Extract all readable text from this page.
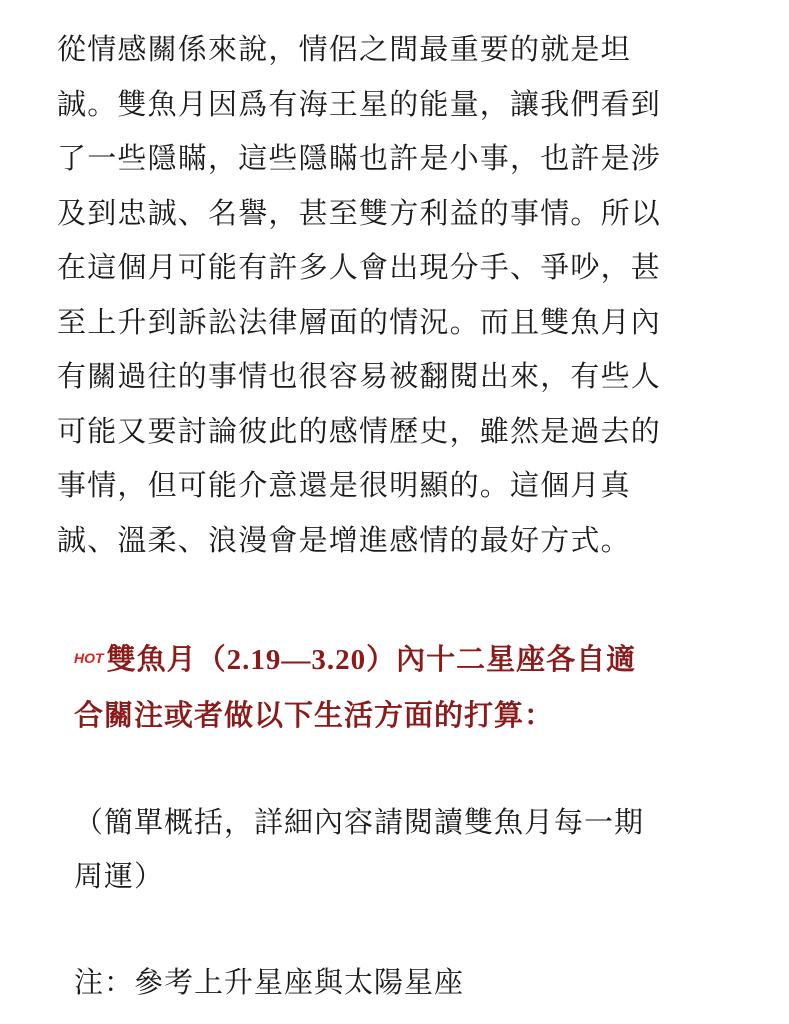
從情感關係來說，情侶之間最重要的就是坦
誠。雙魚月因爲有海王星的能量，讓我們看到
了一些隱瞞，這些隱瞞也許是小事，也許是涉
及到忠誠、名譽，甚至雙方利益的事情。所以
在這個月可能有許多人會出現分手、爭吵，甚
至上升到訴訟法律層面的情況。而且雙魚月內
有關過往的事情也很容易被翻閱出來，有些人
可能又要討論彼此的感情歷史，雖然是過去的
事情，但可能介意還是很明顯的。這個月真
誠、溫柔、浪漫會是增進感情的最好方式。

HOT 雙魚月（2.19—3.20）內十二星座各自適
合關注或者做以下生活方面的打算：

（簡單概括，詳細內容請閱讀雙魚月每一期
周運）

注：參考上升星座與太陽星座
